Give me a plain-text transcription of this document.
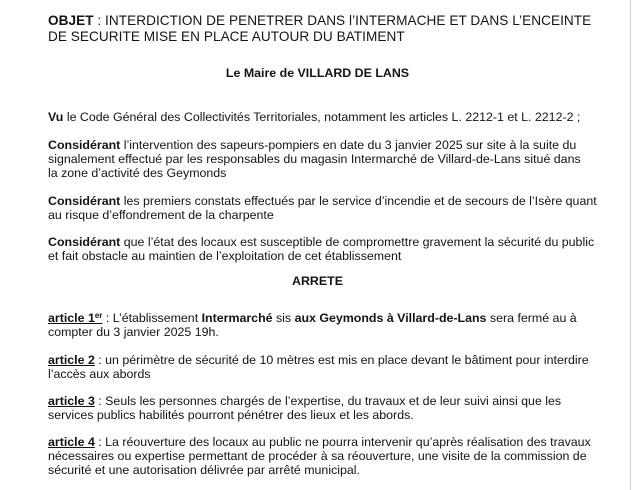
OBJET : INTERDICTION DE PENETRER DANS l’INTERMACHE ET DANS L’ENCEINTE
DE SECURITE MISE EN PLACE AUTOUR DU BATIMENT
Le Maire de VILLARD DE LANS
Vu le Code Général des Collectivités Territoriales, notamment les articles L. 2212-1 et L. 2212-2 ;
Considérant l’intervention des sapeurs-pompiers en date du 3 janvier 2025 sur site à la suite du
signalement effectué par les responsables du magasin Intermarché de Villard-de-Lans situé dans
la zone d’activité des Geymonds
Considérant les premiers constats effectués par le service d’incendie et de secours de l’Isère quant
au risque d’effondrement de la charpente
Considérant que l’état des locaux est susceptible de compromettre gravement la sécurité du public
et fait obstacle au maintien de l’exploitation de cet établissement
ARRETE
article 1er : L’établissement Intermarché sis aux Geymonds à Villard-de-Lans sera fermé au à
compter du 3 janvier 2025 19h.
article 2 : un périmètre de sécurité de 10 mètres est mis en place devant le bâtiment pour interdire
l’accès aux abords
article 3 : Seuls les personnes chargés de l’expertise, du travaux et de leur suivi ainsi que les
services publics habilités pourront pénétrer des lieux et les abords.
article 4 : La réouverture des locaux au public ne pourra intervenir qu’après réalisation des travaux
nécessaires ou expertise permettant de procéder à sa réouverture, une visite de la commission de
sécurité et une autorisation délivrée par arrêté municipal.
